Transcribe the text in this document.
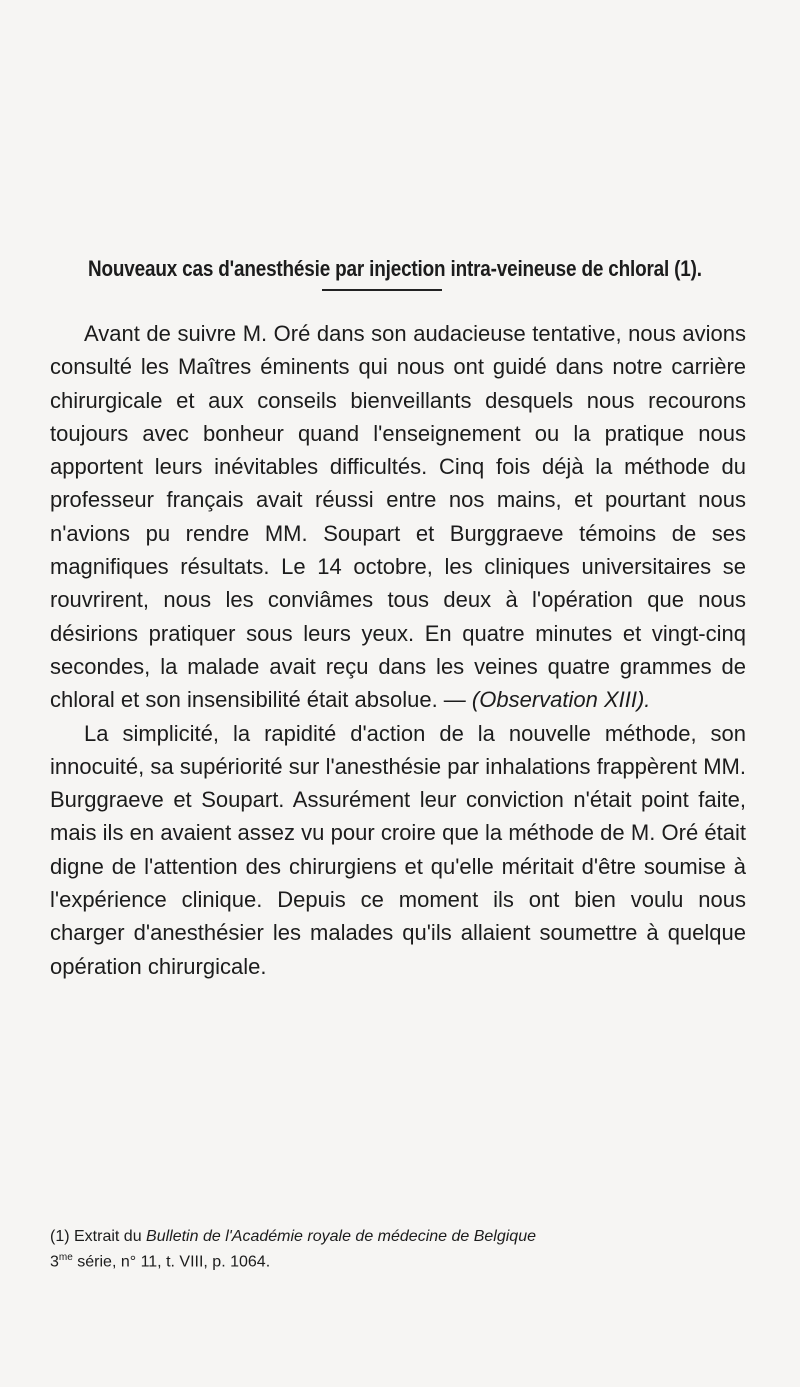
Nouveaux cas d'anesthésie par injection intra-veineuse de chloral (1).

Avant de suivre M. Oré dans son audacieuse tentative, nous avions consulté les Maîtres éminents qui nous ont guidé dans notre carrière chirurgicale et aux conseils bienveillants desquels nous recourons toujours avec bonheur quand l'enseignement ou la pratique nous apportent leurs inévitables difficultés. Cinq fois déjà la méthode du professeur français avait réussi entre nos mains, et pourtant nous n'avions pu rendre MM. Soupart et Burggraeve témoins de ses magnifiques résultats. Le 14 octobre, les cliniques universitaires se rouvrirent, nous les conviâmes tous deux à l'opération que nous désirions pratiquer sous leurs yeux. En quatre minutes et vingt-cinq secondes, la malade avait reçu dans les veines quatre grammes de chloral et son insensibilité était absolue. — (Observation XIII).

La simplicité, la rapidité d'action de la nouvelle méthode, son innocuité, sa supériorité sur l'anesthésie par inhalations frappèrent MM. Burggraeve et Soupart. Assurément leur conviction n'était point faite, mais ils en avaient assez vu pour croire que la méthode de M. Oré était digne de l'attention des chirurgiens et qu'elle méritait d'être soumise à l'expérience clinique. Depuis ce moment ils ont bien voulu nous charger d'anesthésier les malades qu'ils allaient soumettre à quelque opération chirurgicale.

(1) Extrait du Bulletin de l'Académie royale de médecine de Belgique
$3^{me}$ série, n° 11, t. VIII, p. 1064.
